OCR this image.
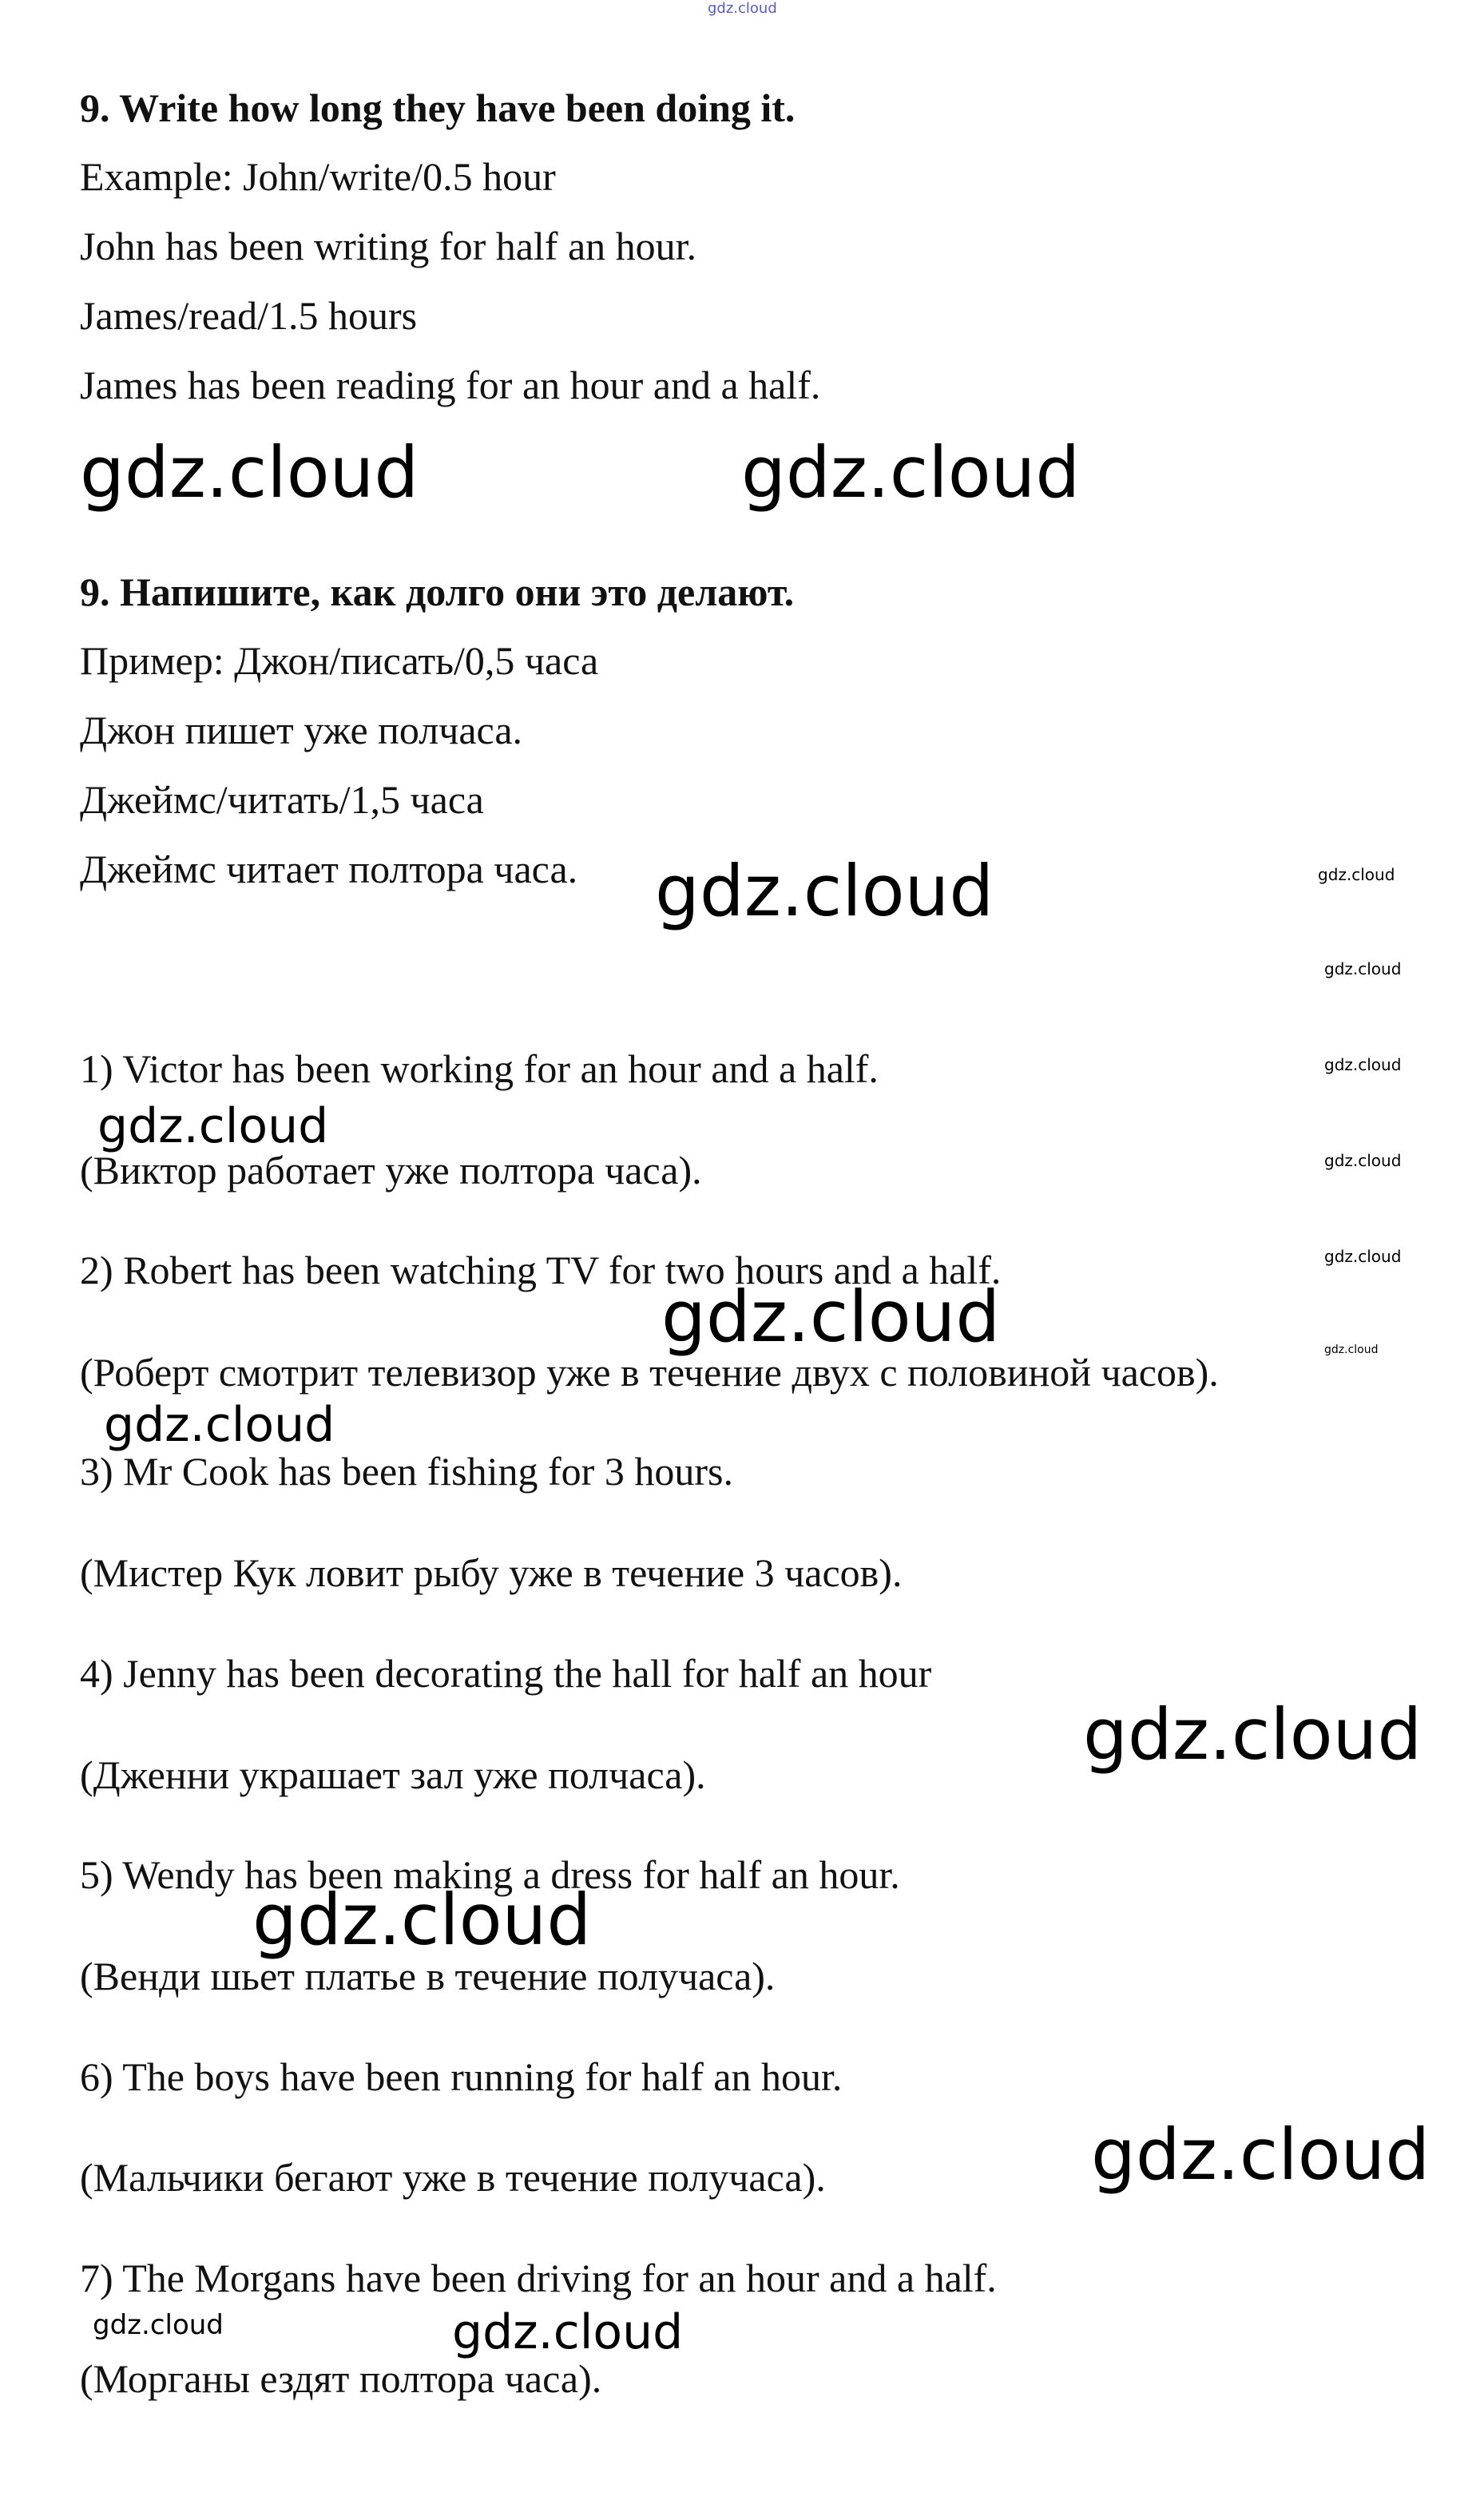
gdz.cloud
9. Write how long they have been doing it.
Example: John/write/0.5 hour
John has been writing for half an hour.
James/read/1.5 hours
James has been reading for an hour and a half.
gdz.cloud	gdz.cloud
9. Напишите, как долго они это делают.
Пример: Джон/писать/0,5 часа
Джон пишет уже полчаса.
Джеймс/читать/1,5 часа
Джеймс читает полтора часа. gdz.cloud	gdz.cloud
gdz.cloud
gdz.cloud
gdz.cloud
gdz.cloud
gdz.cloud
1) Victor has been working for an hour and a half.
gdz.cloud
(Виктор работает уже полтора часа).
2) Robert has been watching TV for two hours and a half.
gdz.cloud
(Роберт смотрит телевизор уже в течение двух с половиной часов).
gdz.cloud
3) Mr Cook has been fishing for 3 hours.
(Мистер Кук ловит рыбу уже в течение 3 часов).
4) Jenny has been decorating the hall for half an hour
gdz.cloud
(Дженни украшает зал уже полчаса).
5) Wendy has been making a dress for half an hour.
gdz.cloud
(Венди шьет платье в течение получаса).
6) The boys have been running for half an hour.
gdz.cloud
(Мальчики бегают уже в течение получаса).
7) The Morgans have been driving for an hour and a half.
gdz.cloud	gdz.cloud
(Морганы ездят полтора часа).
